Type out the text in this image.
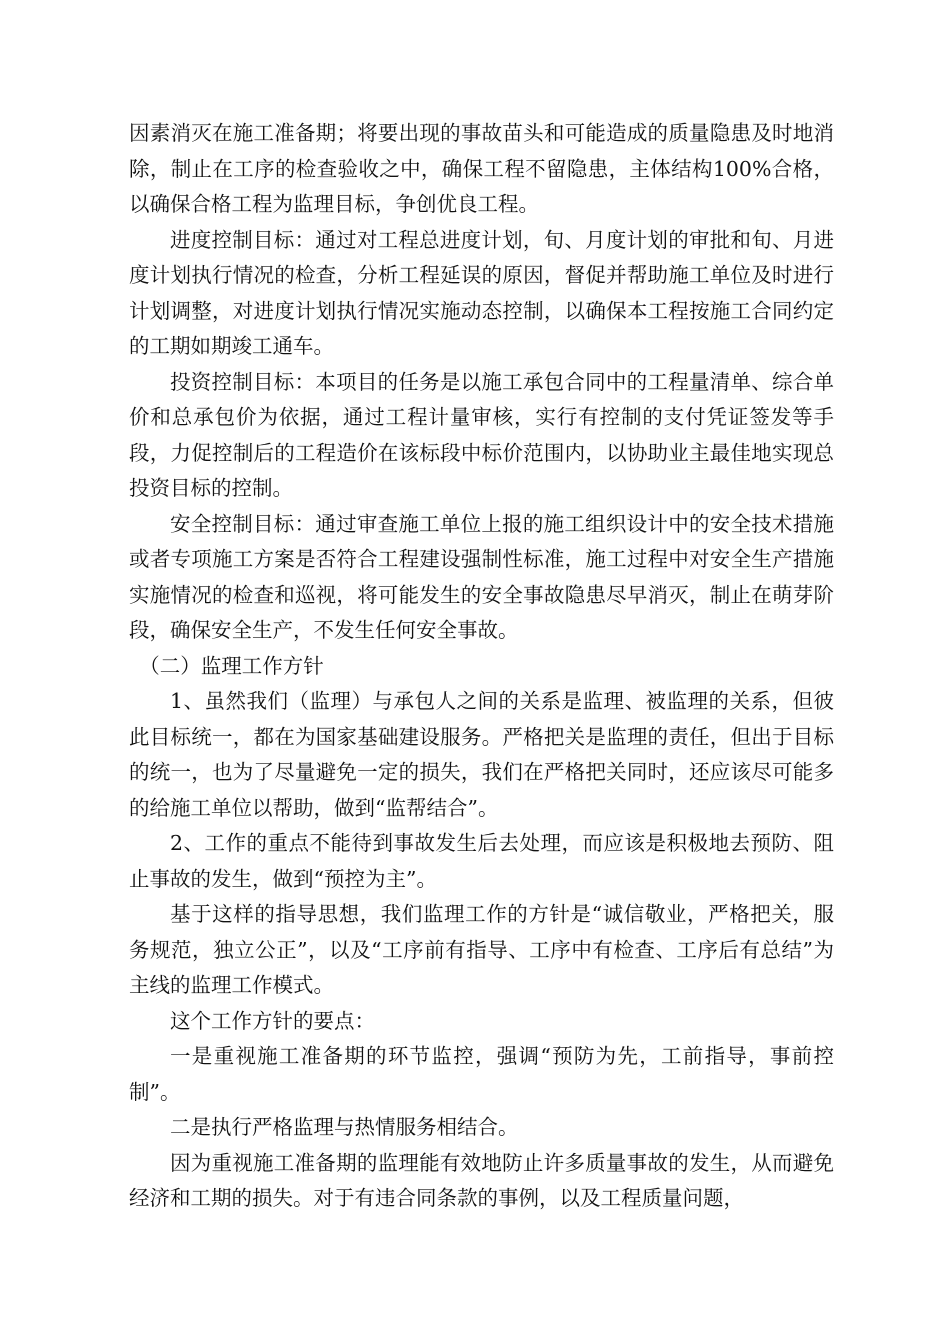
因素消灭在施工准备期；将要出现的事故苗头和可能造成的质量隐患及时地消除，制止在工序的检查验收之中，确保工程不留隐患，主体结构100%合格，以确保合格工程为监理目标，争创优良工程。

进度控制目标：通过对工程总进度计划，旬、月度计划的审批和旬、月进度计划执行情况的检查，分析工程延误的原因，督促并帮助施工单位及时进行计划调整，对进度计划执行情况实施动态控制，以确保本工程按施工合同约定的工期如期竣工通车。

投资控制目标：本项目的任务是以施工承包合同中的工程量清单、综合单价和总承包价为依据，通过工程计量审核，实行有控制的支付凭证签发等手段，力促控制后的工程造价在该标段中标价范围内，以协助业主最佳地实现总投资目标的控制。

安全控制目标：通过审查施工单位上报的施工组织设计中的安全技术措施或者专项施工方案是否符合工程建设强制性标准，施工过程中对安全生产措施实施情况的检查和巡视，将可能发生的安全事故隐患尽早消灭，制止在萌芽阶段，确保安全生产，不发生任何安全事故。

（二）监理工作方针

1、虽然我们（监理）与承包人之间的关系是监理、被监理的关系，但彼此目标统一，都在为国家基础建设服务。严格把关是监理的责任，但出于目标的统一，也为了尽量避免一定的损失，我们在严格把关同时，还应该尽可能多的给施工单位以帮助，做到“监帮结合”。

2、工作的重点不能待到事故发生后去处理，而应该是积极地去预防、阻止事故的发生，做到“预控为主”。

基于这样的指导思想，我们监理工作的方针是“诚信敬业，严格把关，服务规范，独立公正”，以及“工序前有指导、工序中有检查、工序后有总结”为主线的监理工作模式。

这个工作方针的要点：

一是重视施工准备期的环节监控，强调“预防为先，工前指导，事前控制”。

二是执行严格监理与热情服务相结合。

因为重视施工准备期的监理能有效地防止许多质量事故的发生，从而避免经济和工期的损失。对于有违合同条款的事例，以及工程质量问题，
